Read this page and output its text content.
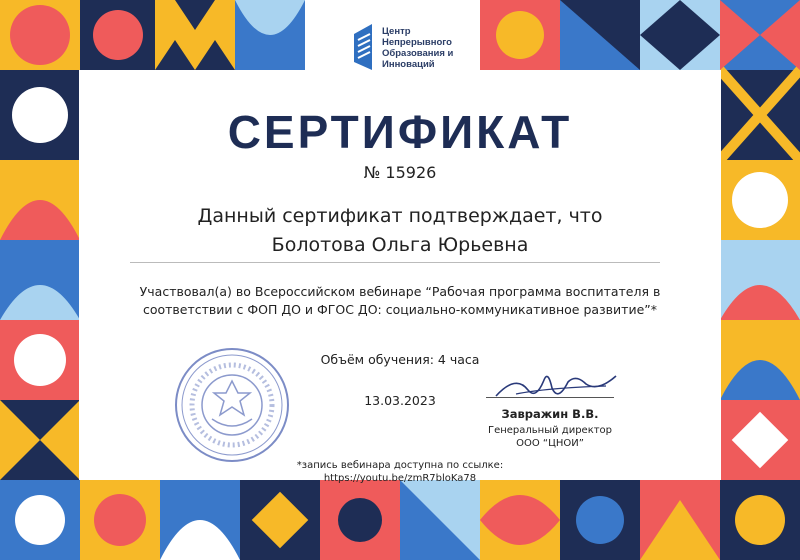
Центр
Непрерывного
Образования и
Инноваций
СЕРТИФИКАТ
№ 15926
Данный сертификат подтверждает, что
Болотова Ольга Юрьевна
Участвовал(а) во Всероссийском вебинаре “Рабочая программа воспитателя в соответствии с ФОП ДО и ФГОС ДО: социально-коммуникативное развитие”*
Объём обучения: 4 часа
13.03.2023
Завражин В.В.
Генеральный директор
ООО “ЦНОИ”
*запись вебинара доступна по ссылке:
https://youtu.be/zmR7bloKa78
